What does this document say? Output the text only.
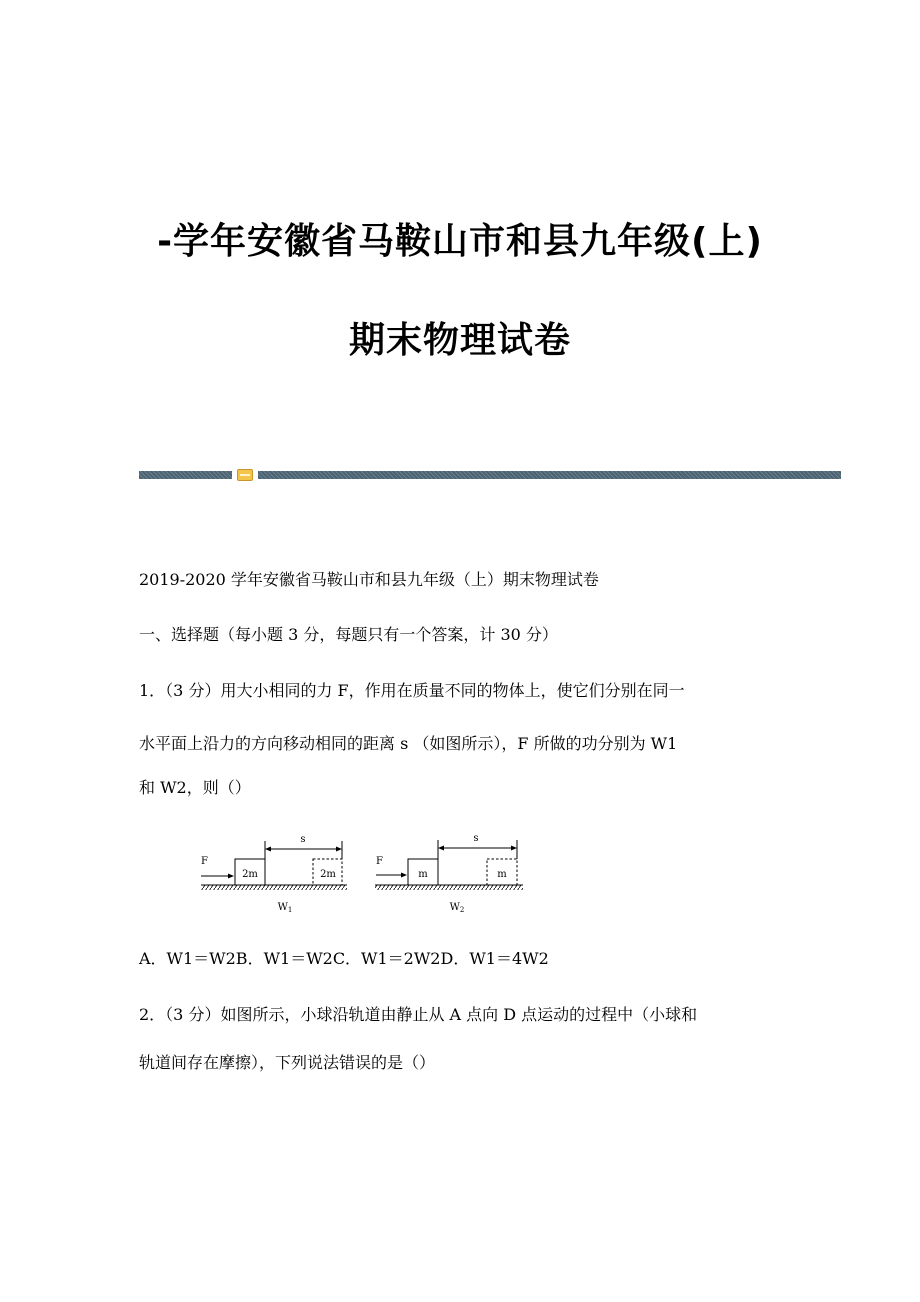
-学年安徽省马鞍山市和县九年级(上)
期末物理试卷
2019-2020 学年安徽省马鞍山市和县九年级（上）期末物理试卷
一、选择题（每小题 3 分，每题只有一个答案，计 30 分）
1．（3 分）用大小相同的力 F，作用在质量不同的物体上，使它们分别在同一
水平面上沿力的方向移动相同的距离 s （如图所示），F 所做的功分别为 W1
和 W2，则（）
F
2m
s
2m
$W_1$
F
m
s
m
$W_2$
A．W1＝W2B．W1＝W2C．W1＝2W2D．W1＝4W2
2．（3 分）如图所示，小球沿轨道由静止从 A 点向 D 点运动的过程中（小球和
轨道间存在摩擦），下列说法错误的是（）
